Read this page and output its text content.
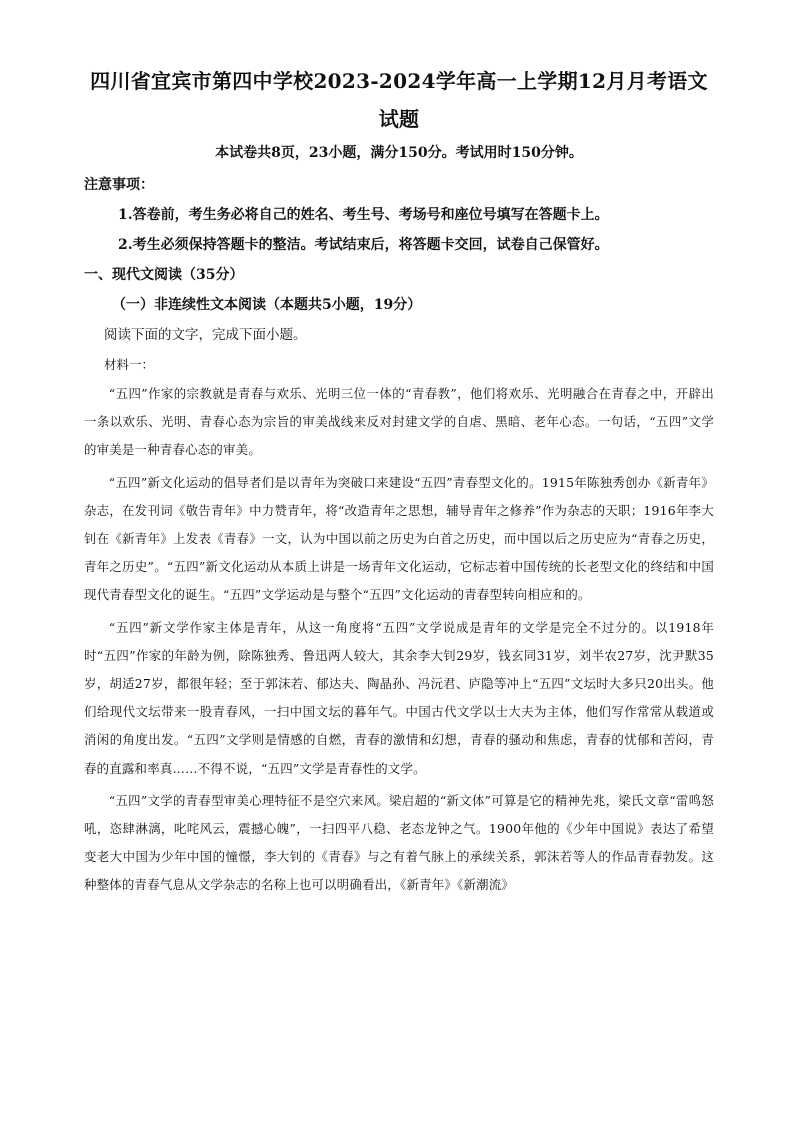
四川省宜宾市第四中学校2023-2024学年高一上学期12月月考语文试题

本试卷共8页，23小题，满分150分。考试用时150分钟。

注意事项：

1.答卷前，考生务必将自己的姓名、考生号、考场号和座位号填写在答题卡上。

2.考生必须保持答题卡的整洁。考试结束后，将答题卡交回，试卷自己保管好。

一、现代文阅读（35分）

（一）非连续性文本阅读（本题共5小题，19分）

阅读下面的文字，完成下面小题。

材料一：

“五四”作家的宗教就是青春与欢乐、光明三位一体的“青春教”，他们将欢乐、光明融合在青春之中，开辟出一条以欢乐、光明、青春心态为宗旨的审美战线来反对封建文学的自虐、黑暗、老年心态。一句话，“五四”文学的审美是一种青春心态的审美。

“五四”新文化运动的倡导者们是以青年为突破口来建设“五四”青春型文化的。1915年陈独秀创办《新青年》杂志，在发刊词《敬告青年》中力赞青年，将“改造青年之思想，辅导青年之修养”作为杂志的天职；1916年李大钊在《新青年》上发表《青春》一文，认为中国以前之历史为白首之历史，而中国以后之历史应为“青春之历史，青年之历史”。“五四”新文化运动从本质上讲是一场青年文化运动，它标志着中国传统的长老型文化的终结和中国现代青春型文化的诞生。“五四”文学运动是与整个“五四”文化运动的青春型转向相应和的。

“五四”新文学作家主体是青年，从这一角度将“五四”文学说成是青年的文学是完全不过分的。以1918年时“五四”作家的年龄为例，除陈独秀、鲁迅两人较大，其余李大钊29岁，钱玄同31岁，刘半农27岁，沈尹默35岁，胡适27岁，都很年轻；至于郭沫若、郁达夫、陶晶孙、冯沅君、庐隐等冲上“五四”文坛时大多只20出头。他们给现代文坛带来一股青春风，一扫中国文坛的暮年气。中国古代文学以士大夫为主体，他们写作常常从载道或消闲的角度出发。“五四”文学则是情感的自燃，青春的激情和幻想，青春的骚动和焦虑，青春的忧郁和苦闷，青春的直露和率真……不得不说，“五四”文学是青春性的文学。

“五四”文学的青春型审美心理特征不是空穴来风。梁启超的“新文体”可算是它的精神先兆，梁氏文章“雷鸣怒吼，恣肆淋漓，叱咤风云，震撼心魄”，一扫四平八稳、老态龙钟之气。1900年他的《少年中国说》表达了希望变老大中国为少年中国的憧憬，李大钊的《青春》与之有着气脉上的承续关系，郭沫若等人的作品青春勃发。这种整体的青春气息从文学杂志的名称上也可以明确看出，《新青年》《新潮流》
